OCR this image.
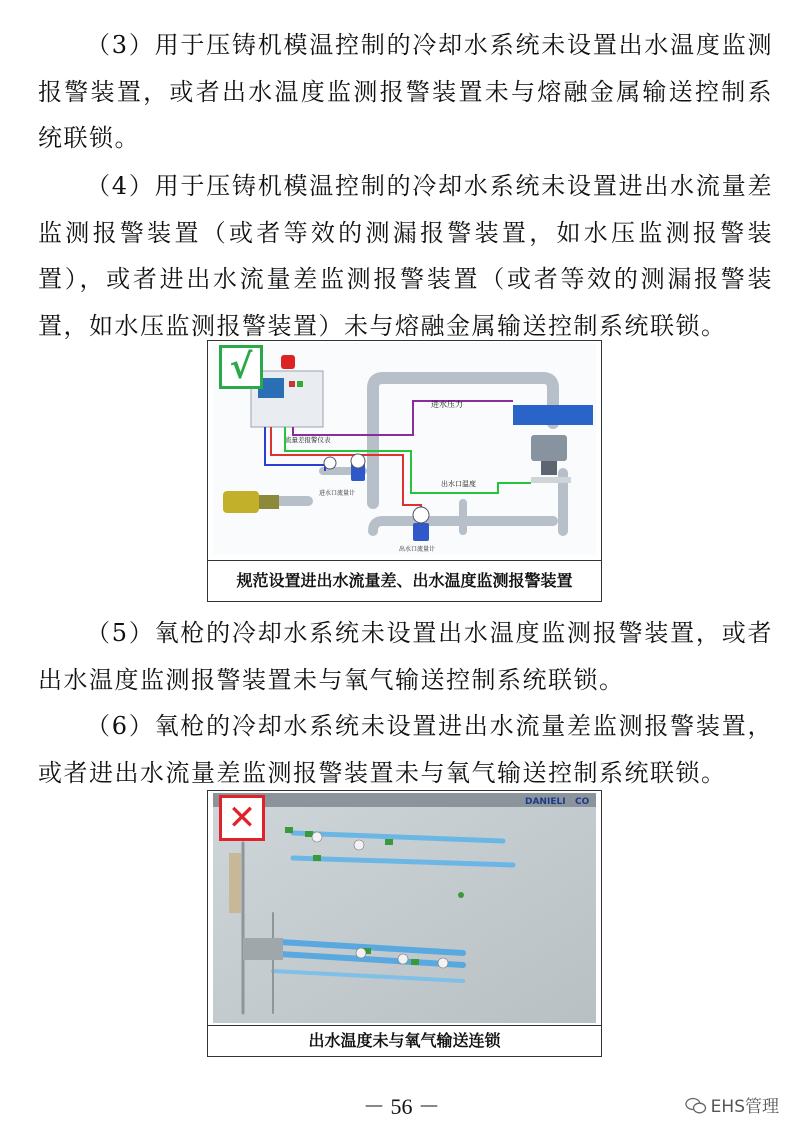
（3）用于压铸机模温控制的冷却水系统未设置出水温度监测报警装置，或者出水温度监测报警装置未与熔融金属输送控制系统联锁。

（4）用于压铸机模温控制的冷却水系统未设置进出水流量差监测报警装置（或者等效的测漏报警装置，如水压监测报警装置），或者进出水流量差监测报警装置（或者等效的测漏报警装置，如水压监测报警装置）未与熔融金属输送控制系统联锁。

流量差报警仪表
进水压力
出水口温度
进水口流量计
出水口流量计
√
规范设置进出水流量差、出水温度监测报警装置

（5）氧枪的冷却水系统未设置出水温度监测报警装置，或者出水温度监测报警装置未与氧气输送控制系统联锁。

（6）氧枪的冷却水系统未设置进出水流量差监测报警装置，或者进出水流量差监测报警装置未与氧气输送控制系统联锁。

DANIELI CO
✕
出水温度未与氧气输送连锁
－ 56 －	EHS管理
